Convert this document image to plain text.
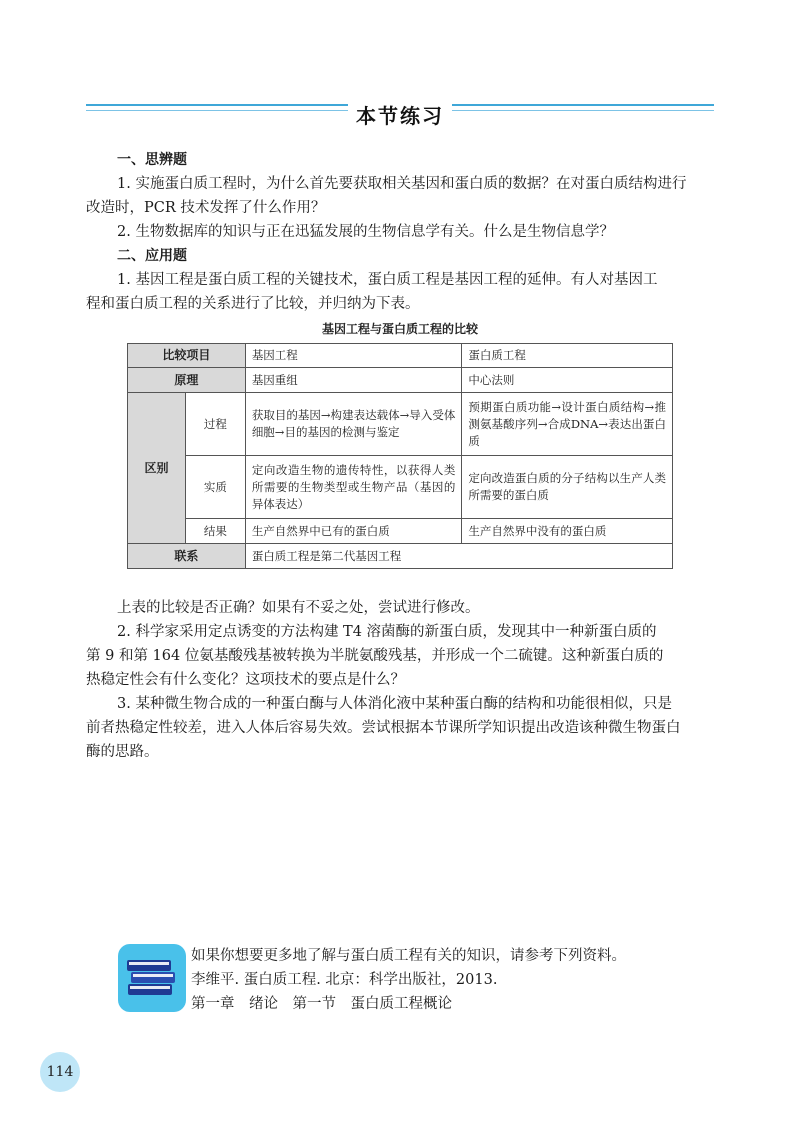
本节练习
一、思辨题
1. 实施蛋白质工程时，为什么首先要获取相关基因和蛋白质的数据？在对蛋白质结构进行
改造时，PCR 技术发挥了什么作用？
2. 生物数据库的知识与正在迅猛发展的生物信息学有关。什么是生物信息学？
二、应用题
1. 基因工程是蛋白质工程的关键技术，蛋白质工程是基因工程的延伸。有人对基因工
程和蛋白质工程的关系进行了比较，并归纳为下表。
基因工程与蛋白质工程的比较
比较项目		基因工程	蛋白质工程
原理		基因重组	中心法则
区别	过程	获取目的基因→构建表达载体→导入受体细胞→目的基因的检测与鉴定	预期蛋白质功能→设计蛋白质结构→推测氨基酸序列→合成DNA→表达出蛋白质
	实质	定向改造生物的遗传特性，以获得人类所需要的生物类型或生物产品（基因的异体表达）	定向改造蛋白质的分子结构以生产人类所需要的蛋白质
	结果	生产自然界中已有的蛋白质	生产自然界中没有的蛋白质
联系		蛋白质工程是第二代基因工程	
上表的比较是否正确？如果有不妥之处，尝试进行修改。
2. 科学家采用定点诱变的方法构建 T4 溶菌酶的新蛋白质，发现其中一种新蛋白质的
第 9 和第 164 位氨基酸残基被转换为半胱氨酸残基，并形成一个二硫键。这种新蛋白质的
热稳定性会有什么变化？这项技术的要点是什么？
3. 某种微生物合成的一种蛋白酶与人体消化液中某种蛋白酶的结构和功能很相似，只是
前者热稳定性较差，进入人体后容易失效。尝试根据本节课所学知识提出改造该种微生物蛋白
酶的思路。
如果你想要更多地了解与蛋白质工程有关的知识，请参考下列资料。
李维平. 蛋白质工程. 北京：科学出版社，2013.
第一章　绪论　第一节　蛋白质工程概论
114
